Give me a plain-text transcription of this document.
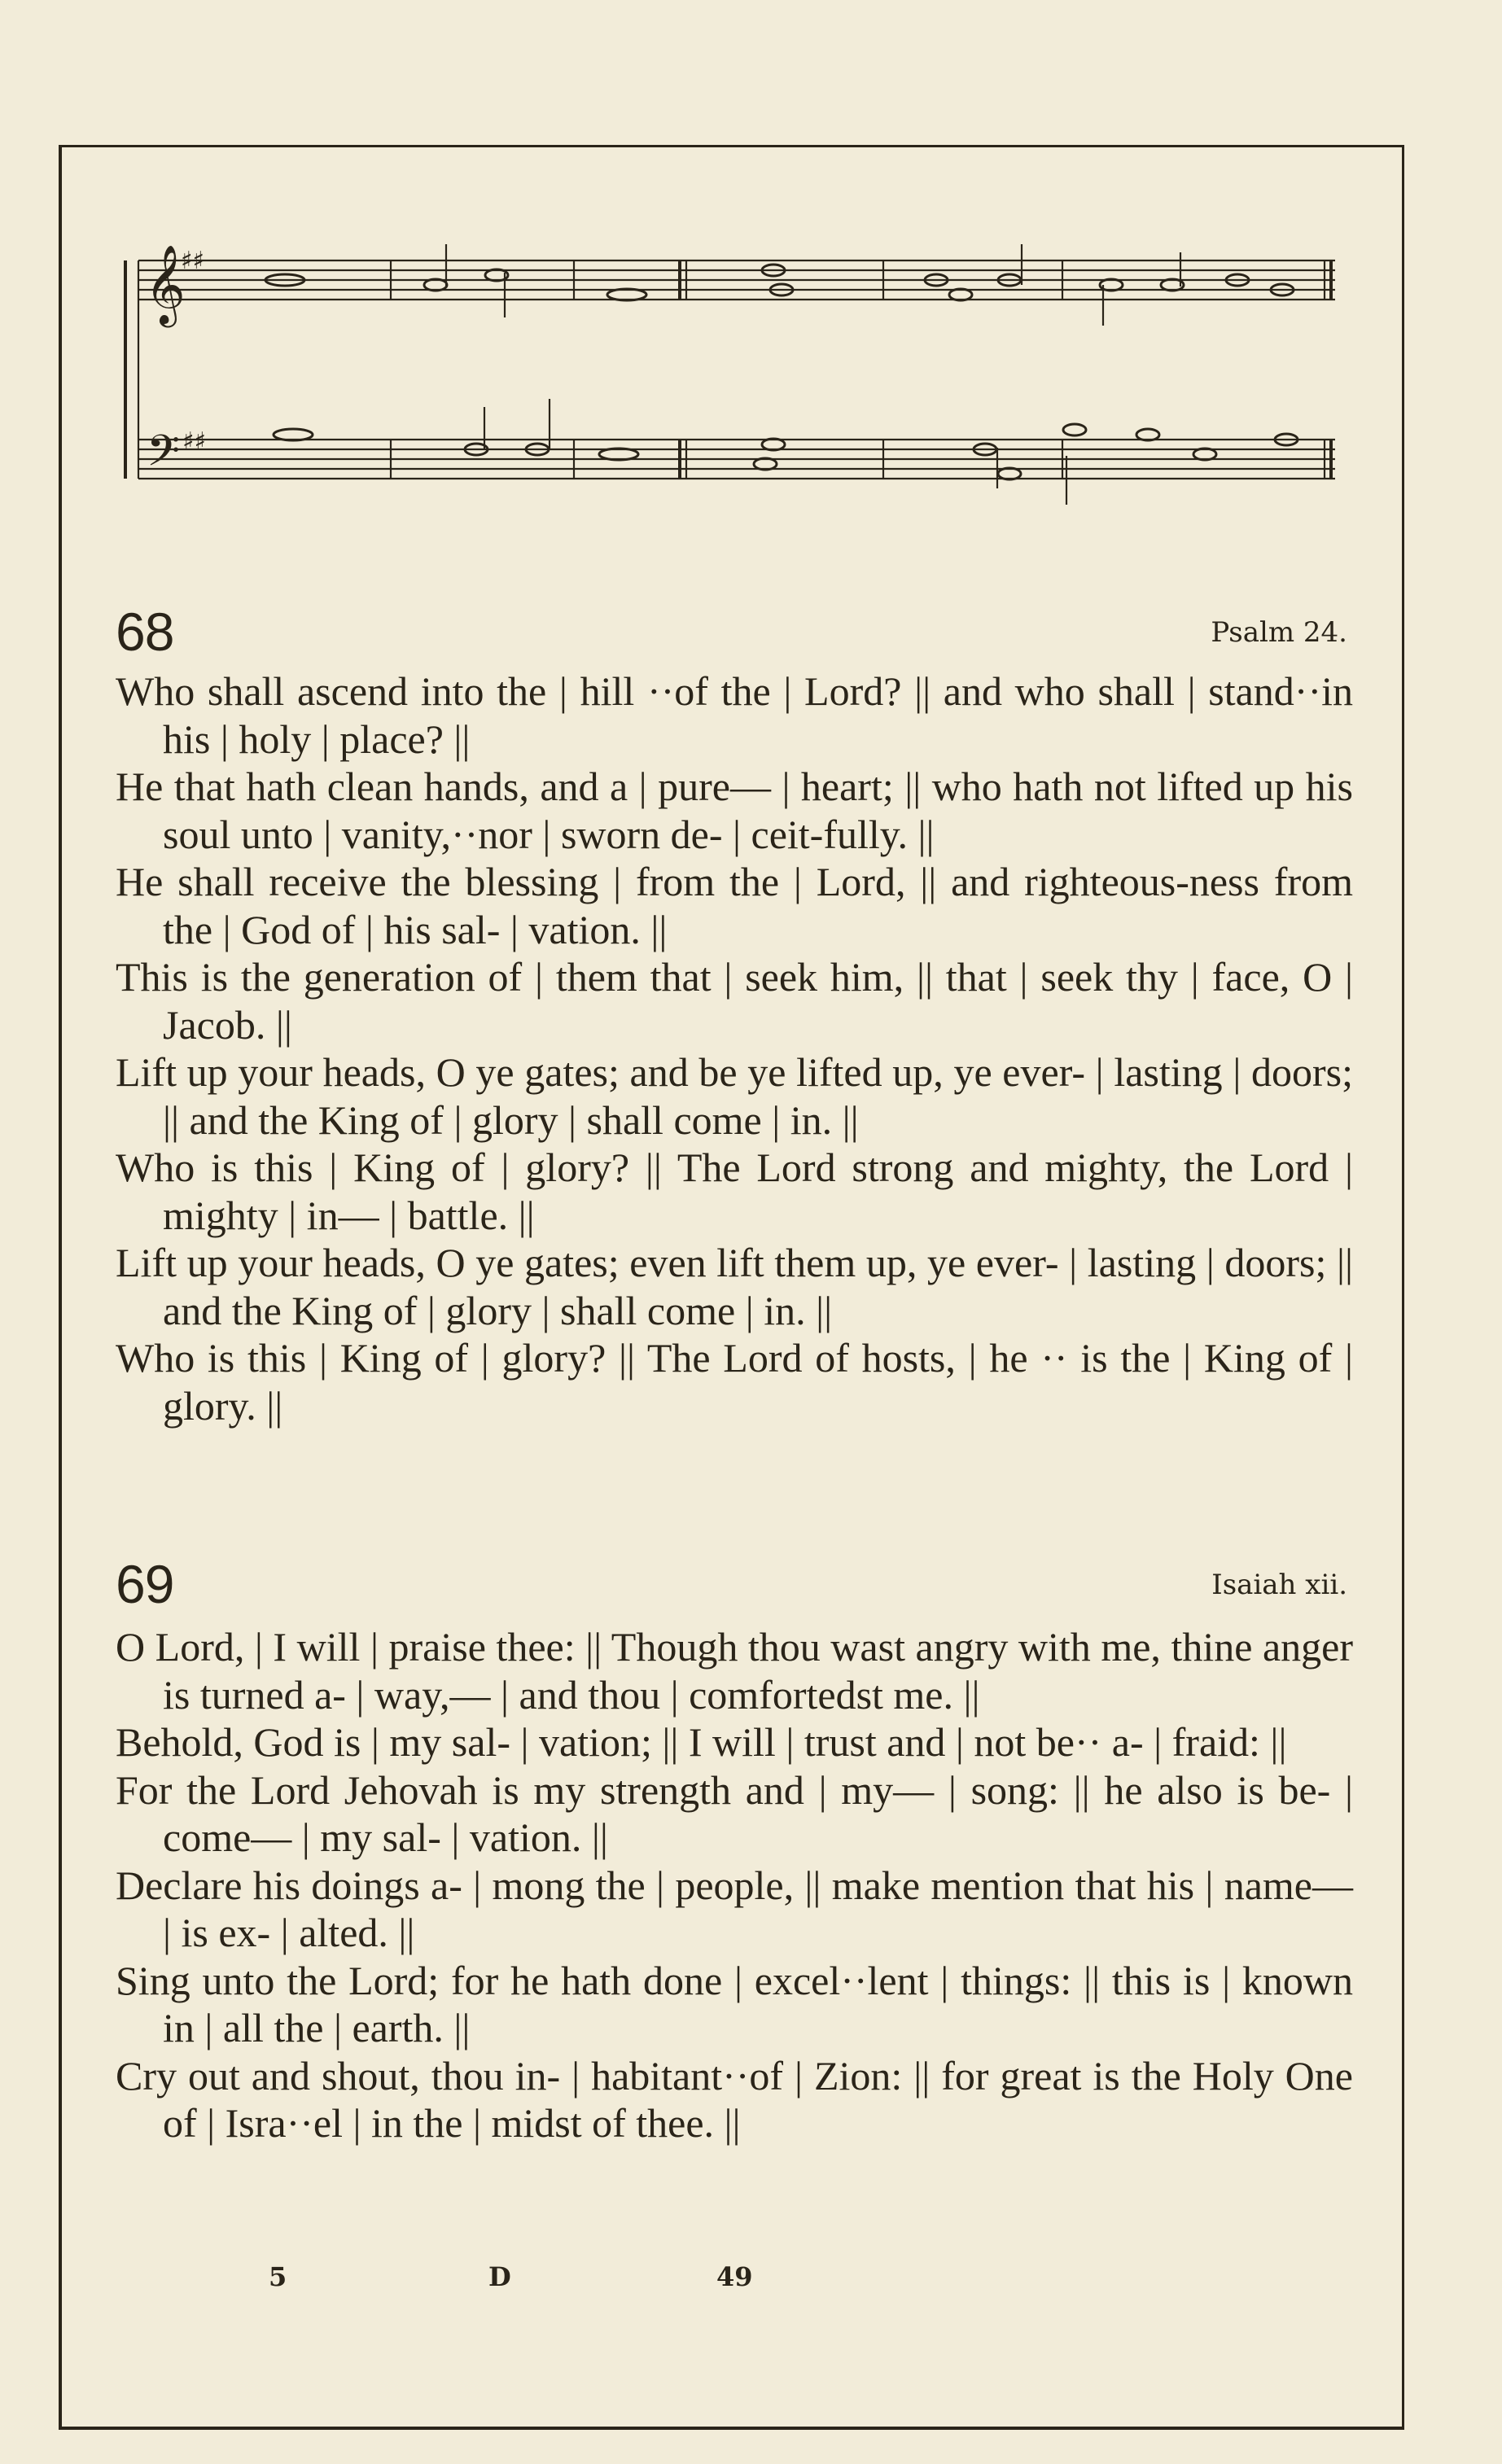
𝄞
𝄢
♯♯
♯♯
68	Psalm 24.

Who shall ascend into the | hill ··of the | Lord? || and who shall | stand··in his | holy | place? ||

He that hath clean hands, and a | pure— | heart; || who hath not lifted up his soul unto | vanity,··nor | sworn de- | ceit-fully. ||

He shall receive the blessing | from the | Lord, || and righteous-ness from the | God of | his sal- | vation. ||

This is the generation of | them that | seek him, || that | seek thy | face, O | Jacob. ||

Lift up your heads, O ye gates; and be ye lifted up, ye ever- | lasting | doors; || and the King of | glory | shall come | in. ||

Who is this | King of | glory? || The Lord strong and mighty, the Lord | mighty | in— | battle. ||

Lift up your heads, O ye gates; even lift them up, ye ever- | lasting | doors; || and the King of | glory | shall come | in. ||

Who is this | King of | glory? || The Lord of hosts, | he ·· is the | King of | glory. ||

69	Isaiah xii.

O Lord, | I will | praise thee: || Though thou wast angry with me, thine anger is turned a- | way,— | and thou | comfortedst me. ||

Behold, God is | my sal- | vation; || I will | trust and | not be·· a- | fraid: ||

For the Lord Jehovah is my strength and | my— | song: || he also is be- | come— | my sal- | vation. ||

Declare his doings a- | mong the | people, || make mention that his | name— | is ex- | alted. ||

Sing unto the Lord; for he hath done | excel··lent | things: || this is | known in | all the | earth. ||

Cry out and shout, thou in- | habitant··of | Zion: || for great is the Holy One of | Isra··el | in the | midst of thee. ||

5	D	49
